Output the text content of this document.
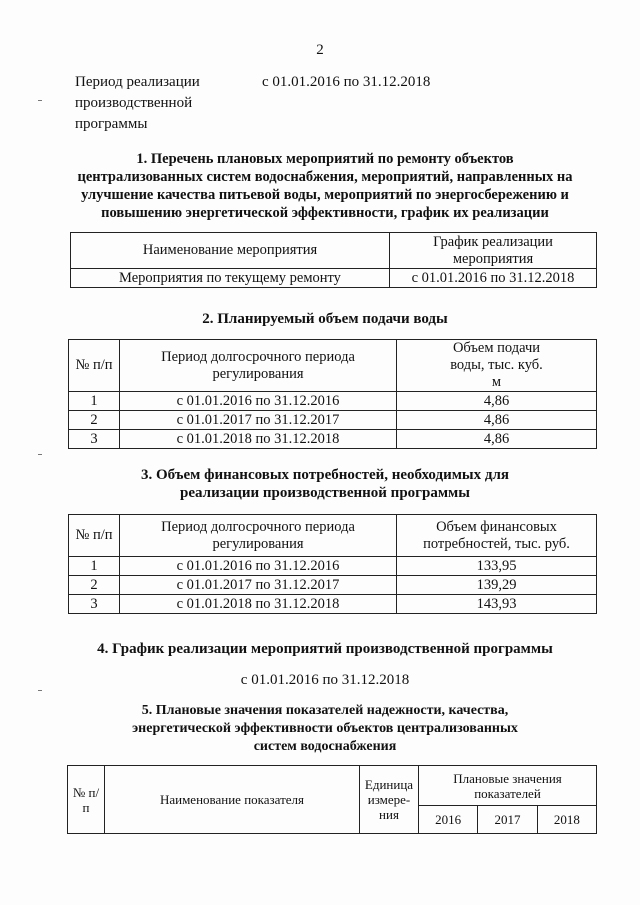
2
Период реализации
производственной
программы
с 01.01.2016 по 31.12.2018
1. Перечень плановых мероприятий по ремонту объектов
централизованных систем водоснабжения, мероприятий, направленных на
улучшение качества питьевой воды, мероприятий по энергосбережению и
повышению энергетической эффективности, график их реализации
Наименование мероприятия	График реализации мероприятия
Мероприятия по текущему ремонту	с 01.01.2016 по 31.12.2018
2. Планируемый объем подачи воды
№ п/п	Период долгосрочного периода регулирования	Объем подачи воды, тыс. куб. м
1	с 01.01.2016 по 31.12.2016	4,86
2	с 01.01.2017 по 31.12.2017	4,86
3	с 01.01.2018 по 31.12.2018	4,86
3. Объем финансовых потребностей, необходимых для
реализации производственной программы
№ п/п	Период долгосрочного периода регулирования	Объем финансовых потребностей, тыс. руб.
1	с 01.01.2016 по 31.12.2016	133,95
2	с 01.01.2017 по 31.12.2017	139,29
3	с 01.01.2018 по 31.12.2018	143,93
4. График реализации мероприятий производственной программы
с 01.01.2016 по 31.12.2018
5. Плановые значения показателей надежности, качества,
энергетической эффективности объектов централизованных
систем водоснабжения
№ п/п	Наименование показателя	Единица измере-ния	Плановые значения показателей		
			2016	2017	2018
